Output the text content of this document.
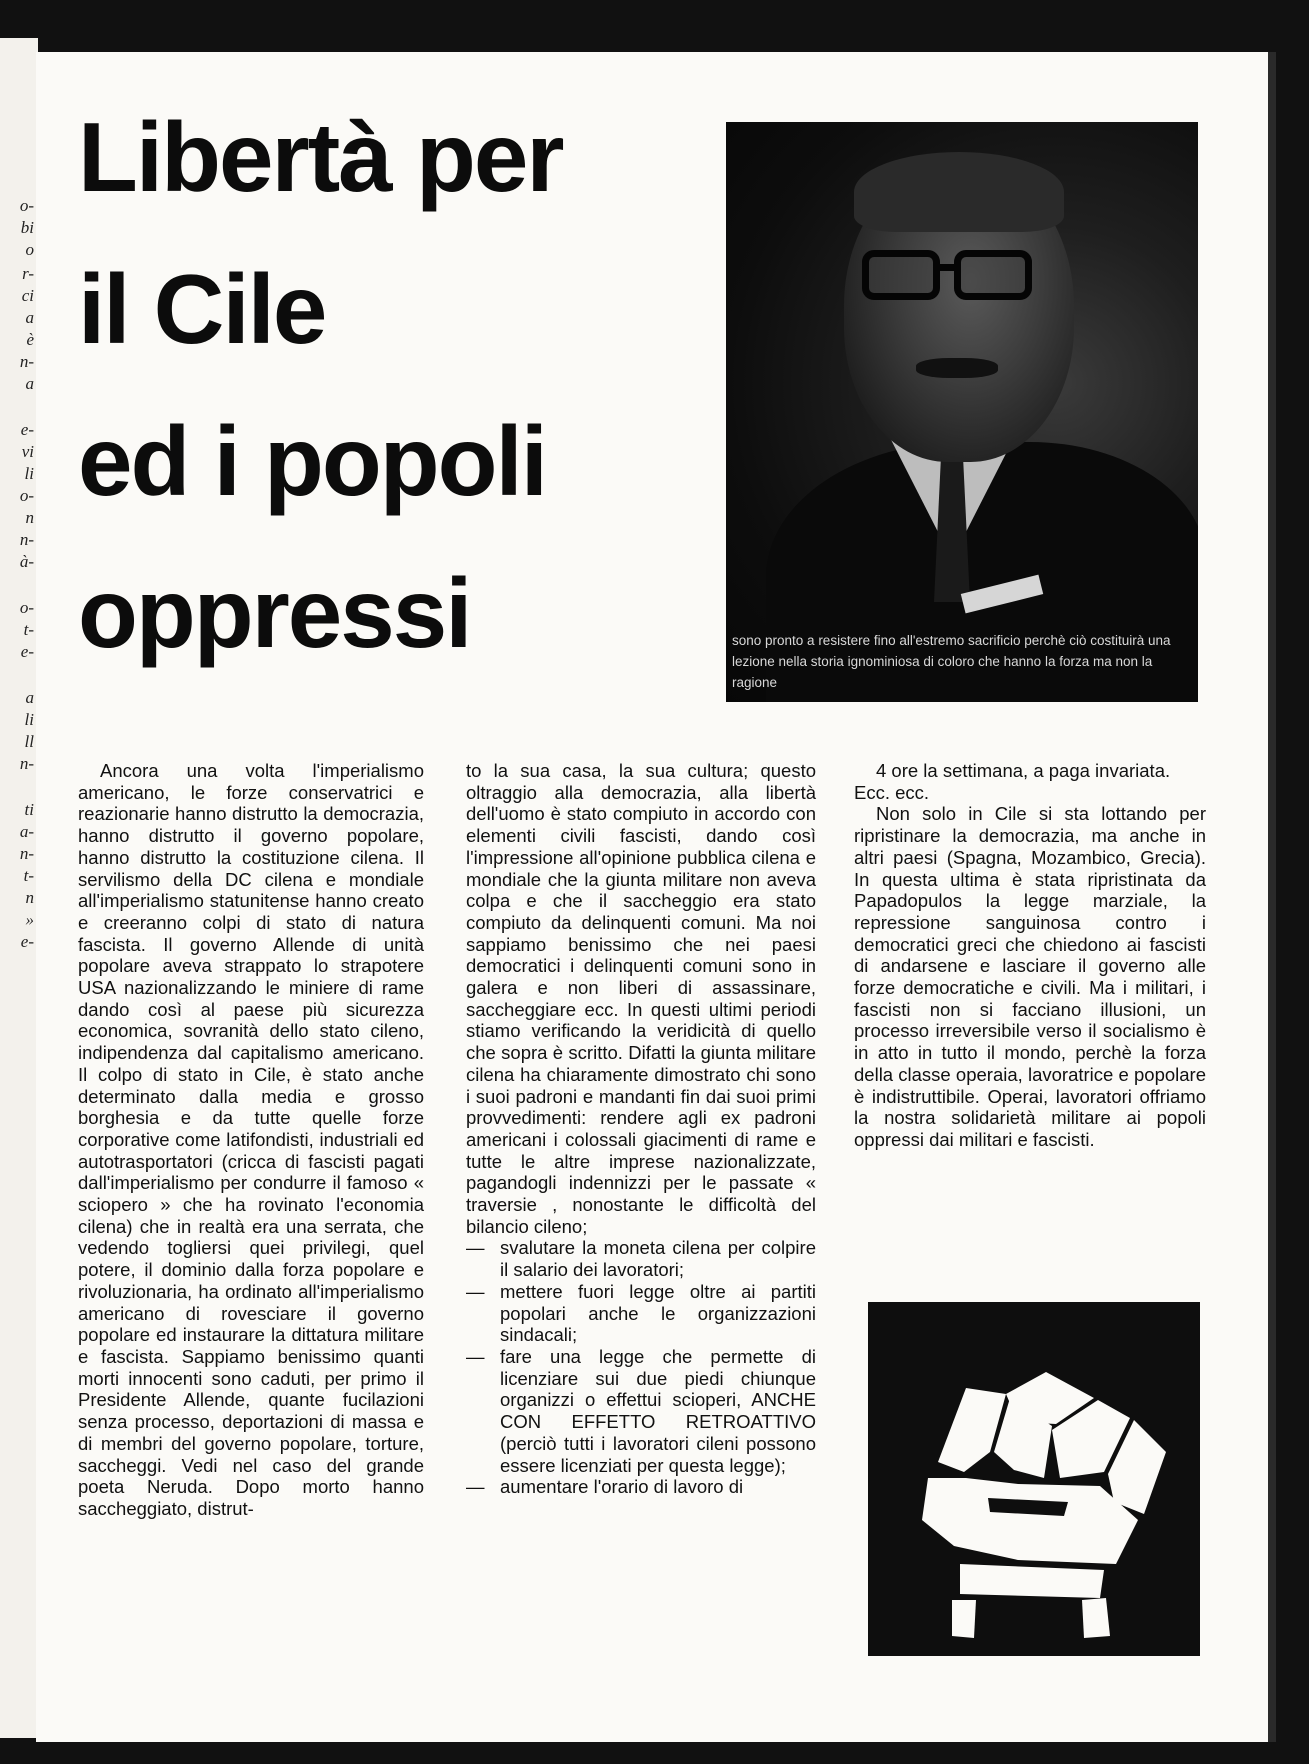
o-
bi
o
r-
ci
a
è
n-
a
e-
vi
li
o-
n
n-
à-
o-
t-
e-
a
li
ll
n-
ti
a-
n-
t-
n
»
e-
Libertà per
il Cile
ed i popoli
oppressi	sono pronto a resistere fino all'estremo sacrificio perchè ciò costituirà una lezione nella storia ignominiosa di coloro che hanno la forza ma non la ragione

Ancora una volta l'imperialismo americano, le forze conservatrici e reazionarie hanno distrutto la democrazia, hanno distrutto il governo popolare, hanno distrutto la costituzione cilena. Il servilismo della DC cilena e mondiale all'imperialismo statunitense hanno creato e creeranno colpi di stato di natura fascista. Il governo Allende di unità popolare aveva strappato lo strapotere USA nazionalizzando le miniere di rame dando così al paese più sicurezza economica, sovranità dello stato cileno, indipendenza dal capitalismo americano. Il colpo di stato in Cile, è stato anche determinato dalla media e grosso borghesia e da tutte quelle forze corporative come latifondisti, industriali ed autotrasportatori (cricca di fascisti pagati dall'imperialismo per condurre il famoso « sciopero » che ha rovinato l'economia cilena) che in realtà era una serrata, che vedendo togliersi quei privilegi, quel potere, il dominio dalla forza popolare e rivoluzionaria, ha ordinato all'imperialismo americano di rovesciare il governo popolare ed instaurare la dittatura militare e fascista. Sappiamo benissimo quanti morti innocenti sono caduti, per primo il Presidente Allende, quante fucilazioni senza processo, deportazioni di massa e di membri del governo popolare, torture, saccheggi. Vedi nel caso del grande poeta Neruda. Dopo morto hanno saccheggiato, distrut-

to la sua casa, la sua cultura; questo oltraggio alla democrazia, alla libertà dell'uomo è stato compiuto in accordo con elementi civili fascisti, dando così l'impressione all'opinione pubblica cilena e mondiale che la giunta militare non aveva colpa e che il saccheggio era stato compiuto da delinquenti comuni. Ma noi sappiamo benissimo che nei paesi democratici i delinquenti comuni sono in galera e non liberi di assassinare, saccheggiare ecc. In questi ultimi periodi stiamo verificando la veridicità di quello che sopra è scritto. Difatti la giunta militare cilena ha chiaramente dimostrato chi sono i suoi padroni e mandanti fin dai suoi primi provvedimenti: rendere agli ex padroni americani i colossali giacimenti di rame e tutte le altre imprese nazionalizzate, pagandogli indennizzi per le passate « traversie , nonostante le difficoltà del bilancio cileno;

— svalutare la moneta cilena per colpire il salario dei lavoratori;
— mettere fuori legge oltre ai partiti popolari anche le organizzazioni sindacali;
— fare una legge che permette di licenziare sui due piedi chiunque organizzi o effettui scioperi, ANCHE CON EFFETTO RETROATTIVO (perciò tutti i lavoratori cileni possono essere licenziati per questa legge);
— aumentare l'orario di lavoro di

4 ore la settimana, a paga invariata.

Ecc. ecc.

Non solo in Cile si sta lottando per ripristinare la democrazia, ma anche in altri paesi (Spagna, Mozambico, Grecia). In questa ultima è stata ripristinata da Papadopulos la legge marziale, la repressione sanguinosa contro i democratici greci che chiedono ai fascisti di andarsene e lasciare il governo alle forze democratiche e civili. Ma i militari, i fascisti non si facciano illusioni, un processo irreversibile verso il socialismo è in atto in tutto il mondo, perchè la forza della classe operaia, lavoratrice e popolare è indistruttibile. Operai, lavoratori offriamo la nostra solidarietà militare ai popoli oppressi dai militari e fascisti.
